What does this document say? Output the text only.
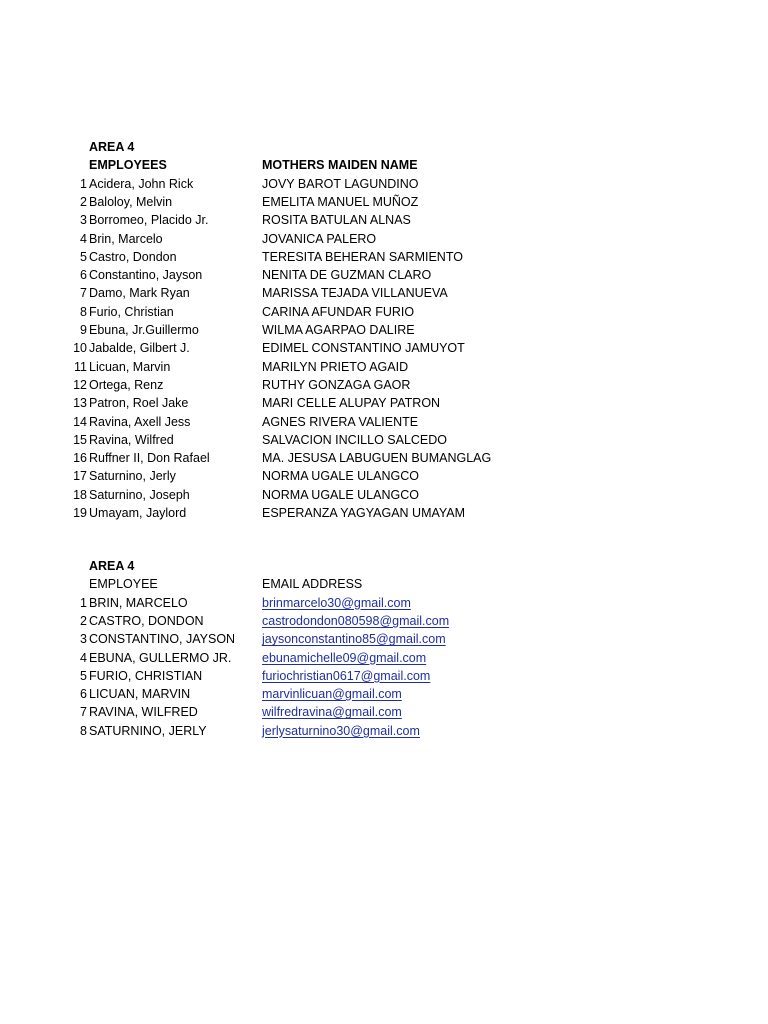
AREA 4
EMPLOYEES	MOTHERS MAIDEN NAME
1 Acidera, John Rick	JOVY BAROT LAGUNDINO
2 Baloloy, Melvin	EMELITA MANUEL MUÑOZ
3 Borromeo, Placido Jr.	ROSITA BATULAN ALNAS
4 Brin, Marcelo	JOVANICA PALERO
5 Castro, Dondon	TERESITA BEHERAN SARMIENTO
6 Constantino, Jayson	NENITA DE GUZMAN CLARO
7 Damo, Mark Ryan	MARISSA TEJADA VILLANUEVA
8 Furio, Christian	CARINA AFUNDAR FURIO
9 Ebuna, Jr.Guillermo	WILMA AGARPAO DALIRE
10 Jabalde, Gilbert J.	EDIMEL CONSTANTINO JAMUYOT
11 Licuan, Marvin	MARILYN PRIETO AGAID
12 Ortega, Renz	RUTHY GONZAGA GAOR
13 Patron, Roel Jake	MARI CELLE ALUPAY PATRON
14 Ravina, Axell Jess	AGNES RIVERA VALIENTE
15 Ravina, Wilfred	SALVACION INCILLO SALCEDO
16 Ruffner II, Don Rafael	MA. JESUSA LABUGUEN BUMANGLAG
17 Saturnino, Jerly	NORMA UGALE ULANGCO
18 Saturnino, Joseph	NORMA UGALE ULANGCO
19 Umayam, Jaylord	ESPERANZA YAGYAGAN UMAYAM
AREA 4
EMPLOYEE	EMAIL ADDRESS
1 BRIN, MARCELO	brinmarcelo30@gmail.com
2 CASTRO, DONDON	castrodondon080598@gmail.com
3 CONSTANTINO, JAYSON jaysonconstantino85@gmail.com
4 EBUNA, GULLERMO JR. ebunamichelle09@gmail.com
5 FURIO, CHRISTIAN	furiochristian0617@gmail.com
6 LICUAN, MARVIN	marvinlicuan@gmail.com
7 RAVINA, WILFRED	wilfredravina@gmail.com
8 SATURNINO, JERLY	jerlysaturnino30@gmail.com
